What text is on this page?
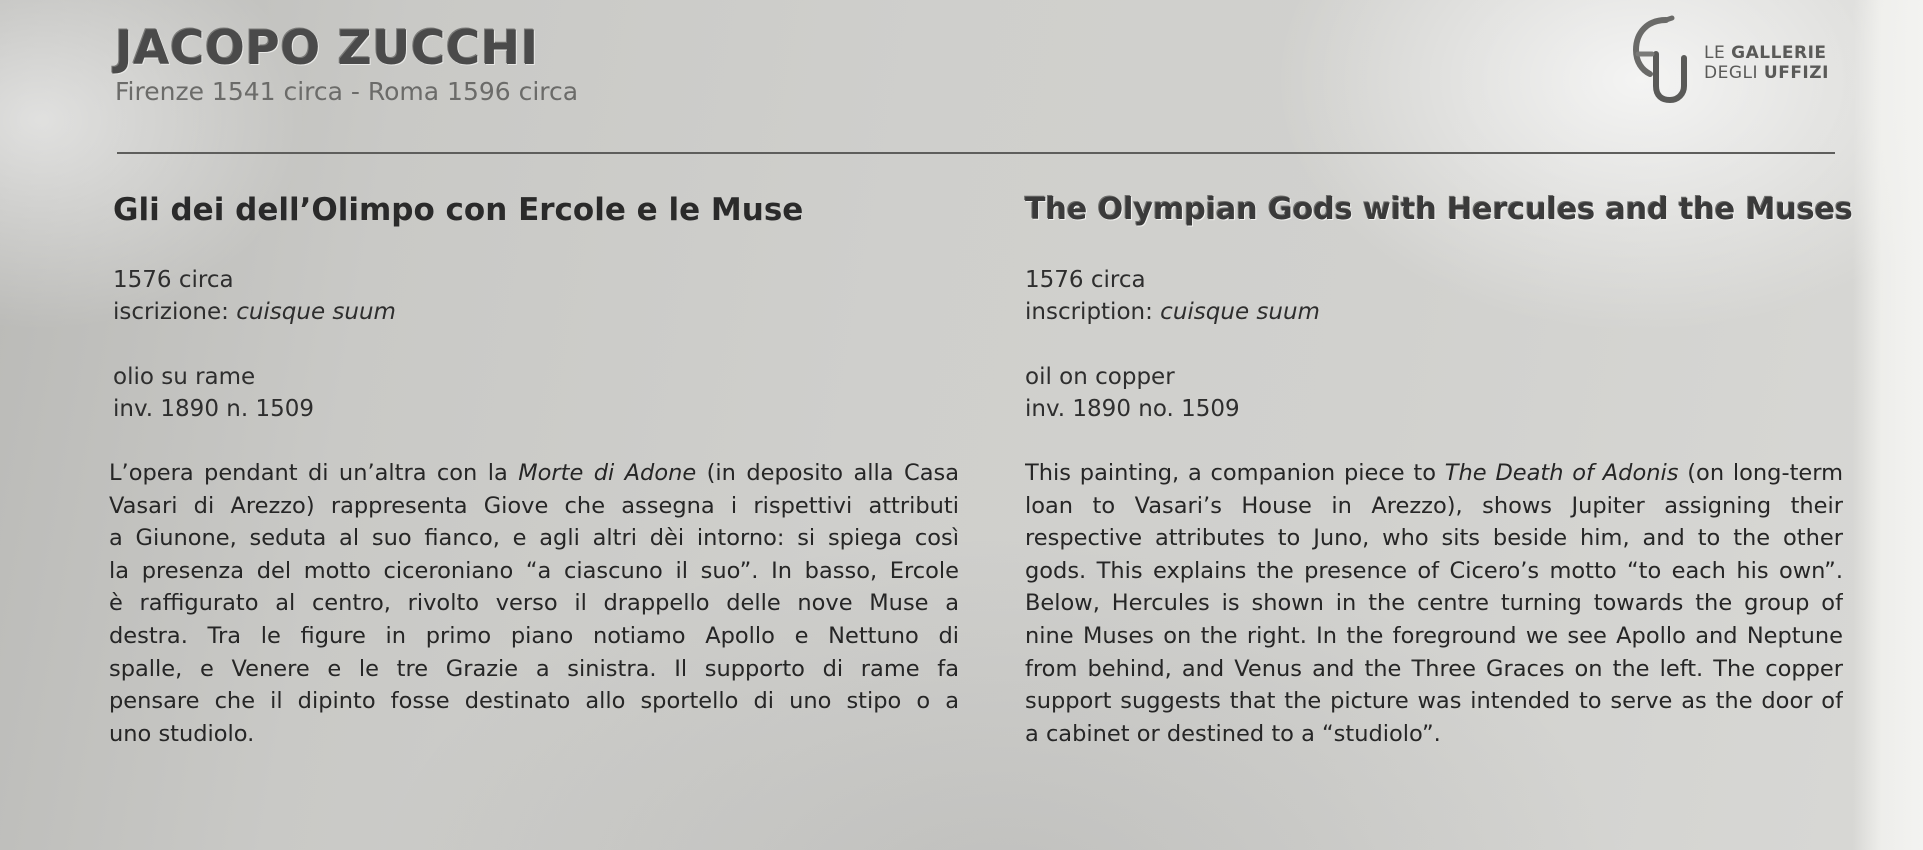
JACOPO ZUCCHI
Firenze 1541 circa - Roma 1596 circa
LE GALLERIE
DEGLI UFFIZI
Gli dei dell’Olimpo con Ercole e le Muse
1576 circa
iscrizione: cuisque suum
olio su rame
inv. 1890 n. 1509
L’opera pendant di un’altra con la Morte di Adone (in deposito alla Casa
Vasari di Arezzo) rappresenta Giove che assegna i rispettivi attributi
a Giunone, seduta al suo fianco, e agli altri dèi intorno: si spiega così
la presenza del motto ciceroniano “a ciascuno il suo”. In basso, Ercole
è raffigurato al centro, rivolto verso il drappello delle nove Muse a
destra. Tra le figure in primo piano notiamo Apollo e Nettuno di
spalle, e Venere e le tre Grazie a sinistra. Il supporto di rame fa
pensare che il dipinto fosse destinato allo sportello di uno stipo o a
uno studiolo.
The Olympian Gods with Hercules and the Muses
1576 circa
inscription: cuisque suum
oil on copper
inv. 1890 no. 1509
This painting, a companion piece to The Death of Adonis (on long-term
loan to Vasari’s House in Arezzo), shows Jupiter assigning their
respective attributes to Juno, who sits beside him, and to the other
gods. This explains the presence of Cicero’s motto “to each his own”.
Below, Hercules is shown in the centre turning towards the group of
nine Muses on the right. In the foreground we see Apollo and Neptune
from behind, and Venus and the Three Graces on the left. The copper
support suggests that the picture was intended to serve as the door of
a cabinet or destined to a “studiolo”.
